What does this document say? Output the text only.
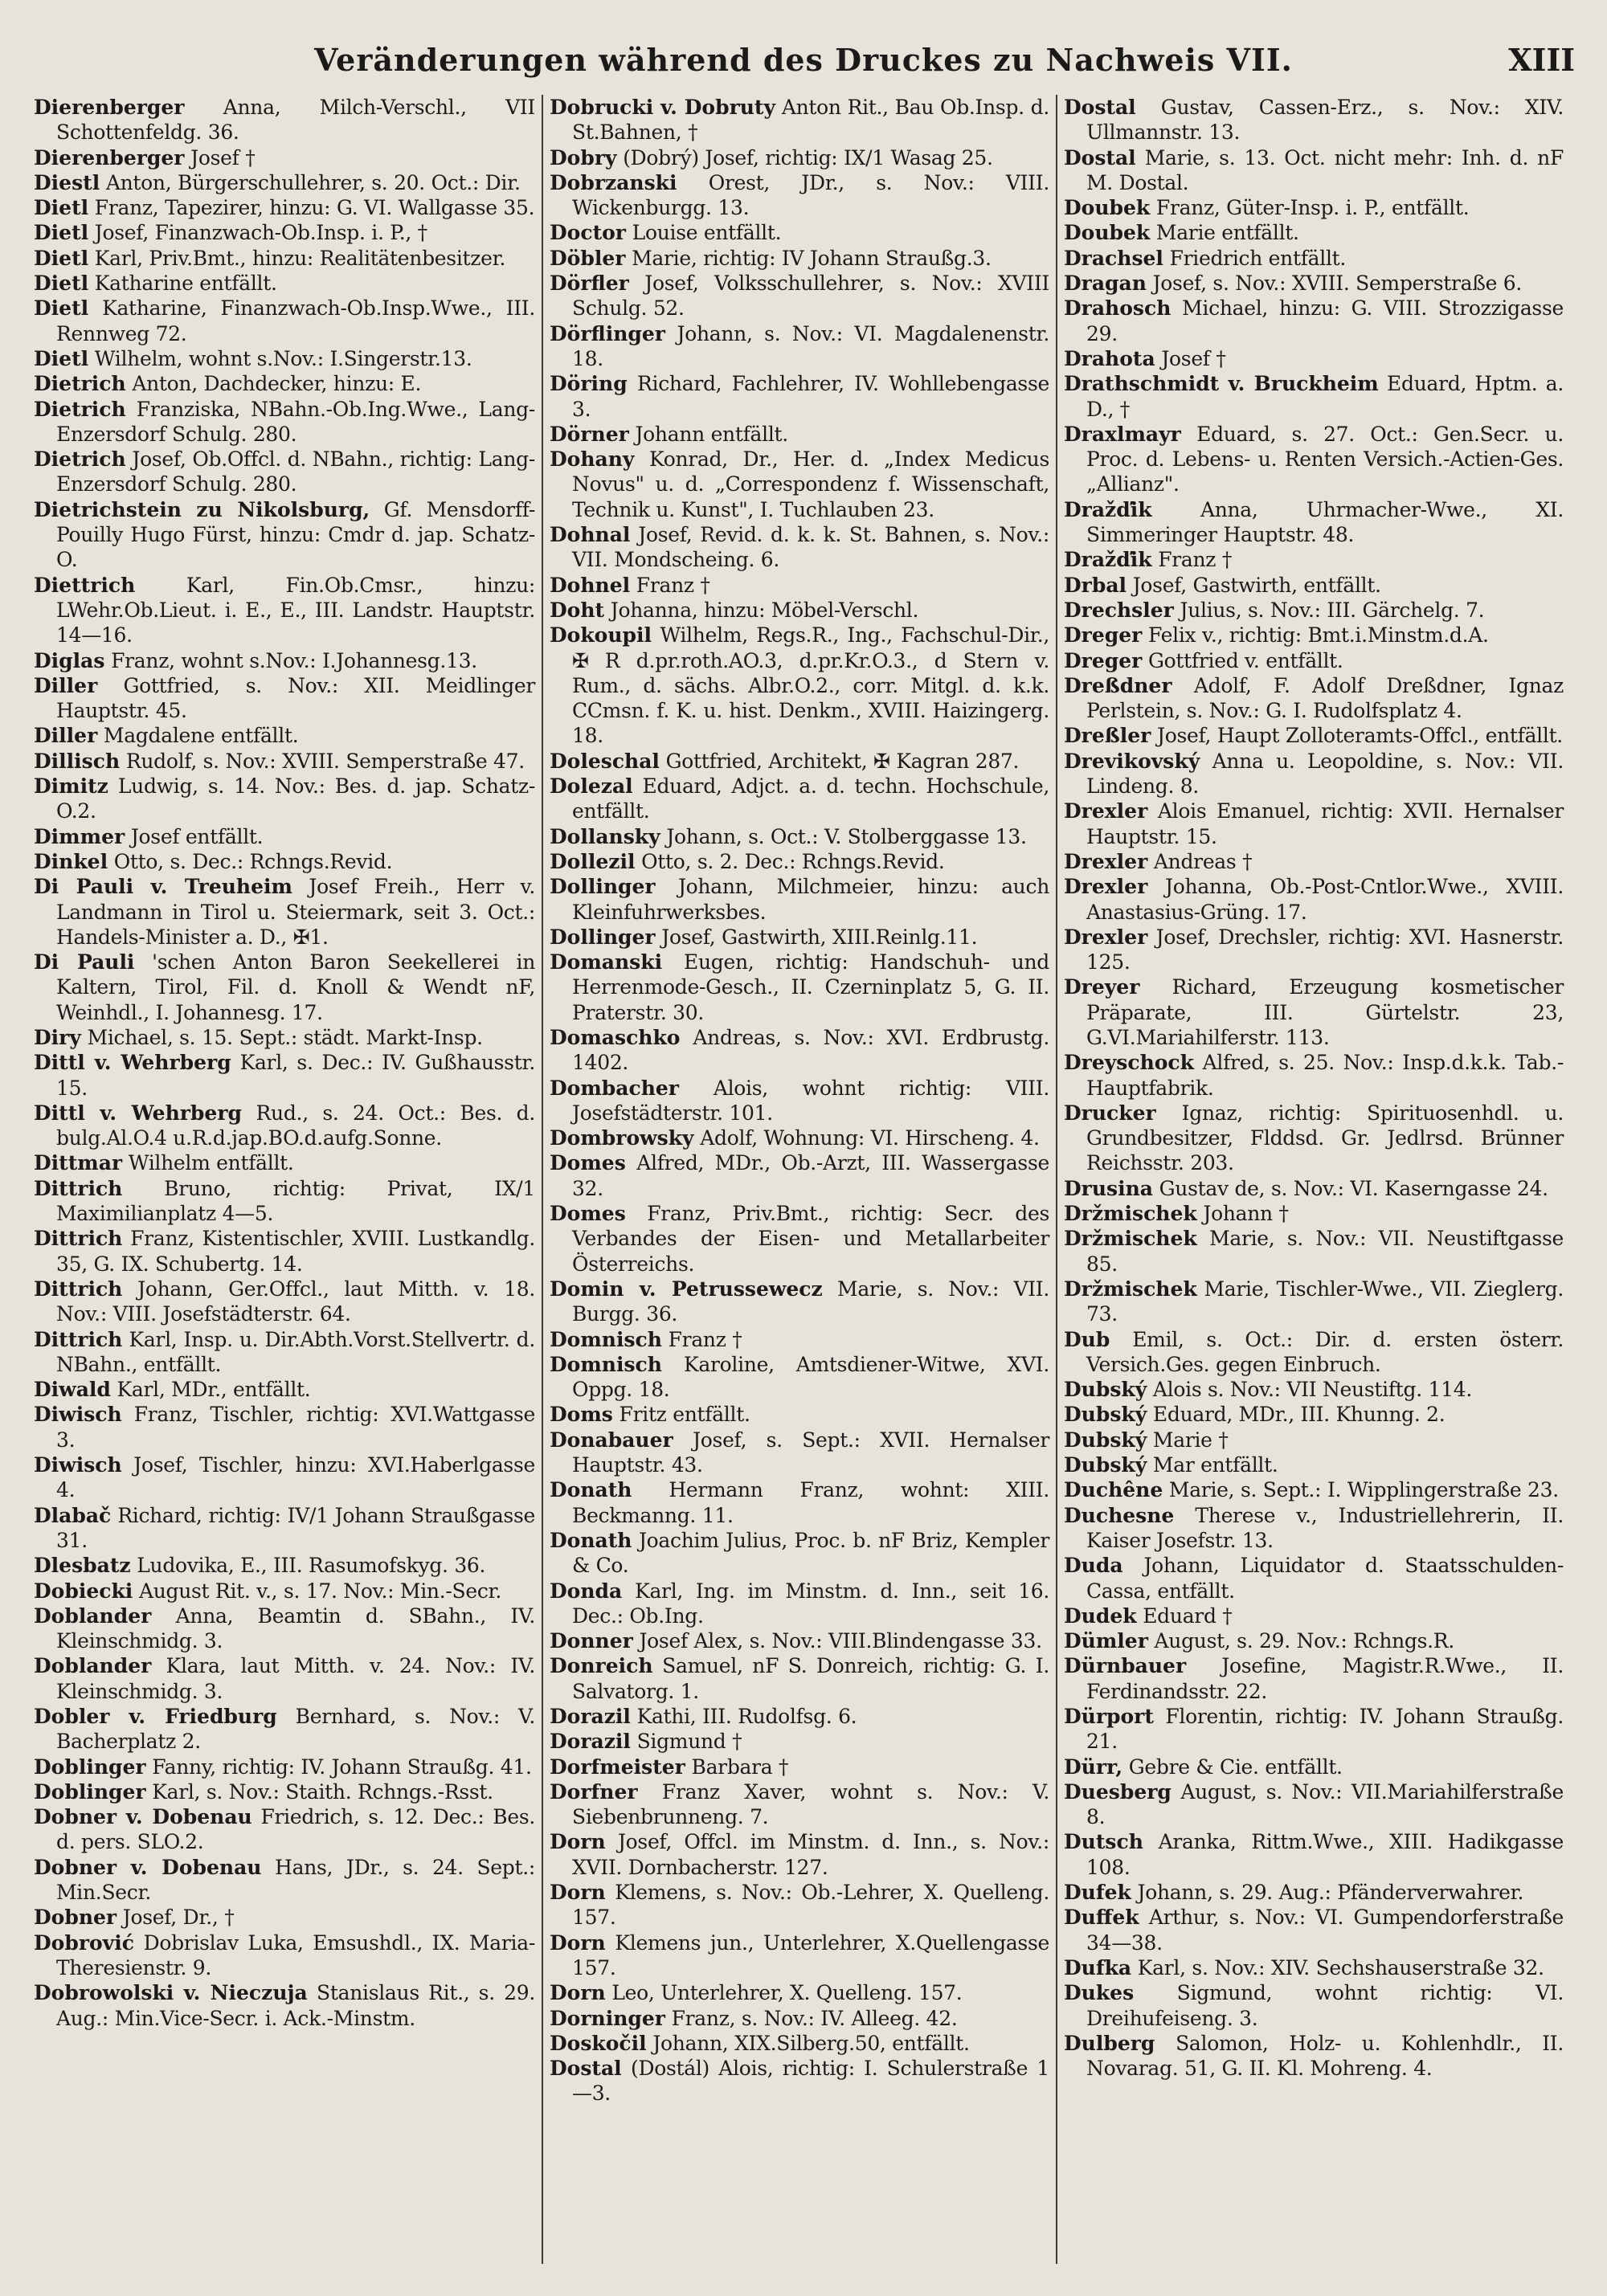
Veränderungen während des Druckes zu Nachweis VII.	XIII

Dierenberger Anna, Milch-Verschl., VII Schottenfeldg. 36.

Dierenberger Josef †

Diestl Anton, Bürgerschullehrer, s. 20. Oct.: Dir.

Dietl Franz, Tapezirer, hinzu: G. VI. Wallgasse 35.

Dietl Josef, Finanzwach-Ob.Insp. i. P., †

Dietl Karl, Priv.Bmt., hinzu: Realitätenbesitzer.

Dietl Katharine entfällt.

Dietl Katharine, Finanzwach-Ob.Insp.Wwe., III. Rennweg 72.

Dietl Wilhelm, wohnt s.Nov.: I.Singerstr.13.

Dietrich Anton, Dachdecker, hinzu: E.

Dietrich Franziska, NBahn.-Ob.Ing.Wwe., Lang-Enzersdorf Schulg. 280.

Dietrich Josef, Ob.Offcl. d. NBahn., richtig: Lang-Enzersdorf Schulg. 280.

Dietrichstein zu Nikolsburg, Gf. Mensdorff-Pouilly Hugo Fürst, hinzu: Cmdr d. jap. Schatz-O.

Diettrich	Karl, Fin.Ob.Cmsr., hinzu: LWehr.Ob.Lieut. i. E., E., III. Landstr. Hauptstr. 14—16.

Diglas Franz, wohnt s.Nov.: I.Johannesg.13.

Diller Gottfried, s. Nov.: XII. Meidlinger Hauptstr. 45.

Diller Magdalene entfällt.

Dillisch Rudolf, s. Nov.: XVIII. Semperstraße 47.

Dimitz Ludwig, s. 14. Nov.: Bes. d. jap. Schatz-O.2.

Dimmer Josef entfällt.

Dinkel Otto, s. Dec.: Rchngs.Revid.

Di Pauli v. Treuheim Josef Freih., Herr v. Landmann in Tirol u. Steiermark, seit 3. Oct.: Handels-Minister a. D., ✠1.

Di Pauli 'schen Anton Baron Seekellerei in Kaltern, Tirol, Fil. d. Knoll & Wendt nF, Weinhdl., I. Johannesg. 17.

Diry Michael, s. 15. Sept.: städt. Markt-Insp.

Dittl v. Wehrberg Karl, s. Dec.: IV. Gußhausstr. 15.

Dittl v. Wehrberg Rud., s. 24. Oct.: Bes. d. bulg.Al.O.4 u.R.d.jap.BO.d.aufg.Sonne.

Dittmar Wilhelm entfällt.

Dittrich Bruno, richtig: Privat, IX/1 Maximilianplatz 4—5.

Dittrich Franz, Kistentischler, XVIII. Lustkandlg. 35, G. IX. Schubertg. 14.

Dittrich Johann, Ger.Offcl., laut Mitth. v. 18. Nov.: VIII. Josefstädterstr. 64.

Dittrich Karl, Insp. u. Dir.Abth.Vorst.Stellvertr. d. NBahn., entfällt.

Diwald Karl, MDr., entfällt.

Diwisch Franz, Tischler, richtig: XVI.Wattgasse 3.

Diwisch Josef, Tischler, hinzu: XVI.Haberlgasse 4.

Dlabač Richard, richtig: IV/1 Johann Straußgasse 31.

Dlesbatz Ludovika, E., III. Rasumofskyg. 36.

Dobiecki August Rit. v., s. 17. Nov.: Min.-Secr.

Doblander Anna, Beamtin d. SBahn., IV. Kleinschmidg. 3.

Doblander Klara, laut Mitth. v. 24. Nov.: IV. Kleinschmidg. 3.

Dobler v. Friedburg Bernhard, s. Nov.: V. Bacherplatz 2.

Doblinger Fanny, richtig: IV. Johann Straußg. 41.

Doblinger Karl, s. Nov.: Staith. Rchngs.-Rsst.

Dobner v. Dobenau Friedrich, s. 12. Dec.: Bes. d. pers. SLO.2.

Dobner v. Dobenau Hans, JDr., s. 24. Sept.: Min.Secr.

Dobner Josef, Dr., †

Dobrović Dobrislav Luka, Emsushdl., IX. Maria-Theresienstr. 9.

Dobrowolski v. Nieczuja Stanislaus Rit., s. 29. Aug.: Min.Vice-Secr. i. Ack.-Minstm.

Dobrucki v. Dobruty Anton Rit., Bau Ob.Insp. d. St.Bahnen, †

Dobry (Dobrý) Josef, richtig: IX/1 Wasag 25.

Dobrzanski Orest, JDr., s. Nov.: VIII. Wickenburgg. 13.

Doctor Louise entfällt.

Döbler Marie, richtig: IV Johann Straußg.3.

Dörfler Josef, Volksschullehrer, s. Nov.: XVIII Schulg. 52.

Dörflinger Johann, s. Nov.: VI. Magdalenenstr. 18.

Döring Richard, Fachlehrer, IV. Wohllebengasse 3.

Dörner Johann entfällt.

Dohany Konrad, Dr., Her. d. „Index Medicus Novus" u. d. „Correspondenz f. Wissenschaft, Technik u. Kunst", I. Tuchlauben 23.

Dohnal Josef, Revid. d. k. k. St. Bahnen, s. Nov.: VII. Mondscheing. 6.

Dohnel Franz †

Doht Johanna, hinzu: Möbel-Verschl.

Dokoupil Wilhelm, Regs.R., Ing., Fachschul-Dir., ✠ R d.pr.roth.AO.3, d.pr.Kr.O.3., d Stern v. Rum., d. sächs. Albr.O.2., corr. Mitgl. d. k.k. CCmsn. f. K. u. hist. Denkm., XVIII. Haizingerg. 18.

Doleschal Gottfried, Architekt, ✠ Kagran 287.

Dolezal Eduard, Adjct. a. d. techn. Hochschule, entfällt.

Dollansky Johann, s. Oct.: V. Stolberggasse 13.

Dollezil Otto, s. 2. Dec.: Rchngs.Revid.

Dollinger Johann, Milchmeier, hinzu: auch Kleinfuhrwerksbes.

Dollinger Josef, Gastwirth, XIII.Reinlg.11.

Domanski Eugen, richtig: Handschuh- und Herrenmode-Gesch., II. Czerninplatz 5, G. II. Praterstr. 30.

Domaschko Andreas, s. Nov.: XVI. Erdbrustg. 1402.

Dombacher Alois, wohnt richtig: VIII. Josefstädterstr. 101.

Dombrowsky Adolf, Wohnung: VI. Hirscheng. 4.

Domes Alfred, MDr., Ob.-Arzt, III. Wassergasse 32.

Domes Franz, Priv.Bmt., richtig: Secr. des Verbandes der Eisen- und Metallarbeiter Österreichs.

Domin v. Petrussewecz Marie, s. Nov.: VII. Burgg. 36.

Domnisch Franz †

Domnisch Karoline, Amtsdiener-Witwe, XVI. Oppg. 18.

Doms Fritz entfällt.

Donabauer Josef, s. Sept.: XVII. Hernalser Hauptstr. 43.

Donath Hermann Franz, wohnt: XIII. Beckmanng. 11.

Donath Joachim Julius, Proc. b. nF Briz, Kempler & Co.

Donda Karl, Ing. im Minstm. d. Inn., seit 16. Dec.: Ob.Ing.

Donner Josef Alex, s. Nov.: VIII.Blindengasse 33.

Donreich Samuel, nF S. Donreich, richtig: G. I. Salvatorg. 1.

Dorazil Kathi, III. Rudolfsg. 6.

Dorazil Sigmund †

Dorfmeister Barbara †

Dorfner Franz Xaver, wohnt s. Nov.: V. Siebenbrunneng. 7.

Dorn Josef, Offcl. im Minstm. d. Inn., s. Nov.: XVII. Dornbacherstr. 127.

Dorn Klemens, s. Nov.: Ob.-Lehrer, X. Quelleng. 157.

Dorn Klemens jun., Unterlehrer, X.Quellengasse 157.

Dorn Leo, Unterlehrer, X. Quelleng. 157.

Dorninger Franz, s. Nov.: IV. Alleeg. 42.

Doskočil Johann, XIX.Silberg.50, entfällt.

Dostal (Dostál) Alois, richtig: I. Schulerstraße 1—3.

Dostal Gustav, Cassen-Erz., s. Nov.: XIV. Ullmannstr. 13.

Dostal Marie, s. 13. Oct. nicht mehr: Inh. d. nF M. Dostal.

Doubek Franz, Güter-Insp. i. P., entfällt.

Doubek Marie entfällt.

Drachsel Friedrich entfällt.

Dragan Josef, s. Nov.: XVIII. Semperstraße 6.

Drahosch Michael, hinzu: G. VIII. Strozzigasse 29.

Drahota Josef †

Drathschmidt v. Bruckheim Eduard, Hptm. a. D., †

Draxlmayr Eduard, s. 27. Oct.: Gen.Secr. u. Proc. d. Lebens- u. Renten Versich.-Actien-Ges. „Allianz".

Dražďik Anna, Uhrmacher-Wwe., XI. Simmeringer Hauptstr. 48.

Dražďik Franz †

Drbal Josef, Gastwirth, entfällt.

Drechsler Julius, s. Nov.: III. Gärchelg. 7.

Dreger Felix v., richtig: Bmt.i.Minstm.d.A.

Dreger Gottfried v. entfällt.

Dreßdner Adolf, F. Adolf Dreßdner, Ignaz Perlstein, s. Nov.: G. I. Rudolfsplatz 4.

Dreßler Josef, Haupt Zolloteramts-Offcl., entfällt.

Drevikovský Anna u. Leopoldine, s. Nov.: VII. Lindeng. 8.

Drexler Alois Emanuel, richtig: XVII. Hernalser Hauptstr. 15.

Drexler Andreas †

Drexler Johanna, Ob.-Post-Cntlor.Wwe., XVIII. Anastasius-Grüng. 17.

Drexler Josef, Drechsler, richtig: XVI. Hasnerstr. 125.

Dreyer Richard, Erzeugung kosmetischer Präparate, III. Gürtelstr. 23, G.VI.Mariahilferstr. 113.

Dreyschock Alfred, s. 25. Nov.: Insp.d.k.k. Tab.-Hauptfabrik.

Drucker Ignaz, richtig: Spirituosenhdl. u. Grundbesitzer, Flddsd. Gr. Jedlrsd. Brünner Reichsstr. 203.

Drusina Gustav de, s. Nov.: VI. Kaserngasse 24.

Držmischek Johann †

Držmischek Marie, s. Nov.: VII. Neustiftgasse 85.

Držmischek Marie, Tischler-Wwe., VII. Zieglerg. 73.

Dub Emil, s. Oct.: Dir. d. ersten österr. Versich.Ges. gegen Einbruch.

Dubský Alois s. Nov.: VII Neustiftg. 114.

Dubský Eduard, MDr., III. Khunng. 2.

Dubský Marie †

Dubský Mar entfällt.

Duchêne Marie, s. Sept.: I. Wipplingerstraße 23.

Duchesne Therese v., Industriellehrerin, II. Kaiser Josefstr. 13.

Duda Johann, Liquidator d. Staatsschulden-Cassa, entfällt.

Dudek Eduard †

Dümler August, s. 29. Nov.: Rchngs.R.

Dürnbauer Josefine, Magistr.R.Wwe., II. Ferdinandsstr. 22.

Dürport Florentin, richtig: IV. Johann Straußg. 21.

Dürr, Gebre & Cie. entfällt.

Duesberg August, s. Nov.: VII.Mariahilferstraße 8.

Dutsch Aranka, Rittm.Wwe., XIII. Hadikgasse 108.

Dufek Johann, s. 29. Aug.: Pfänderverwahrer.

Duffek Arthur, s. Nov.: VI. Gumpendorferstraße 34—38.

Dufka Karl, s. Nov.: XIV. Sechshauserstraße 32.

Dukes Sigmund, wohnt richtig: VI. Dreihufeiseng. 3.

Dulberg Salomon, Holz- u. Kohlenhdlr., II. Novarag. 51, G. II. Kl. Mohreng. 4.
